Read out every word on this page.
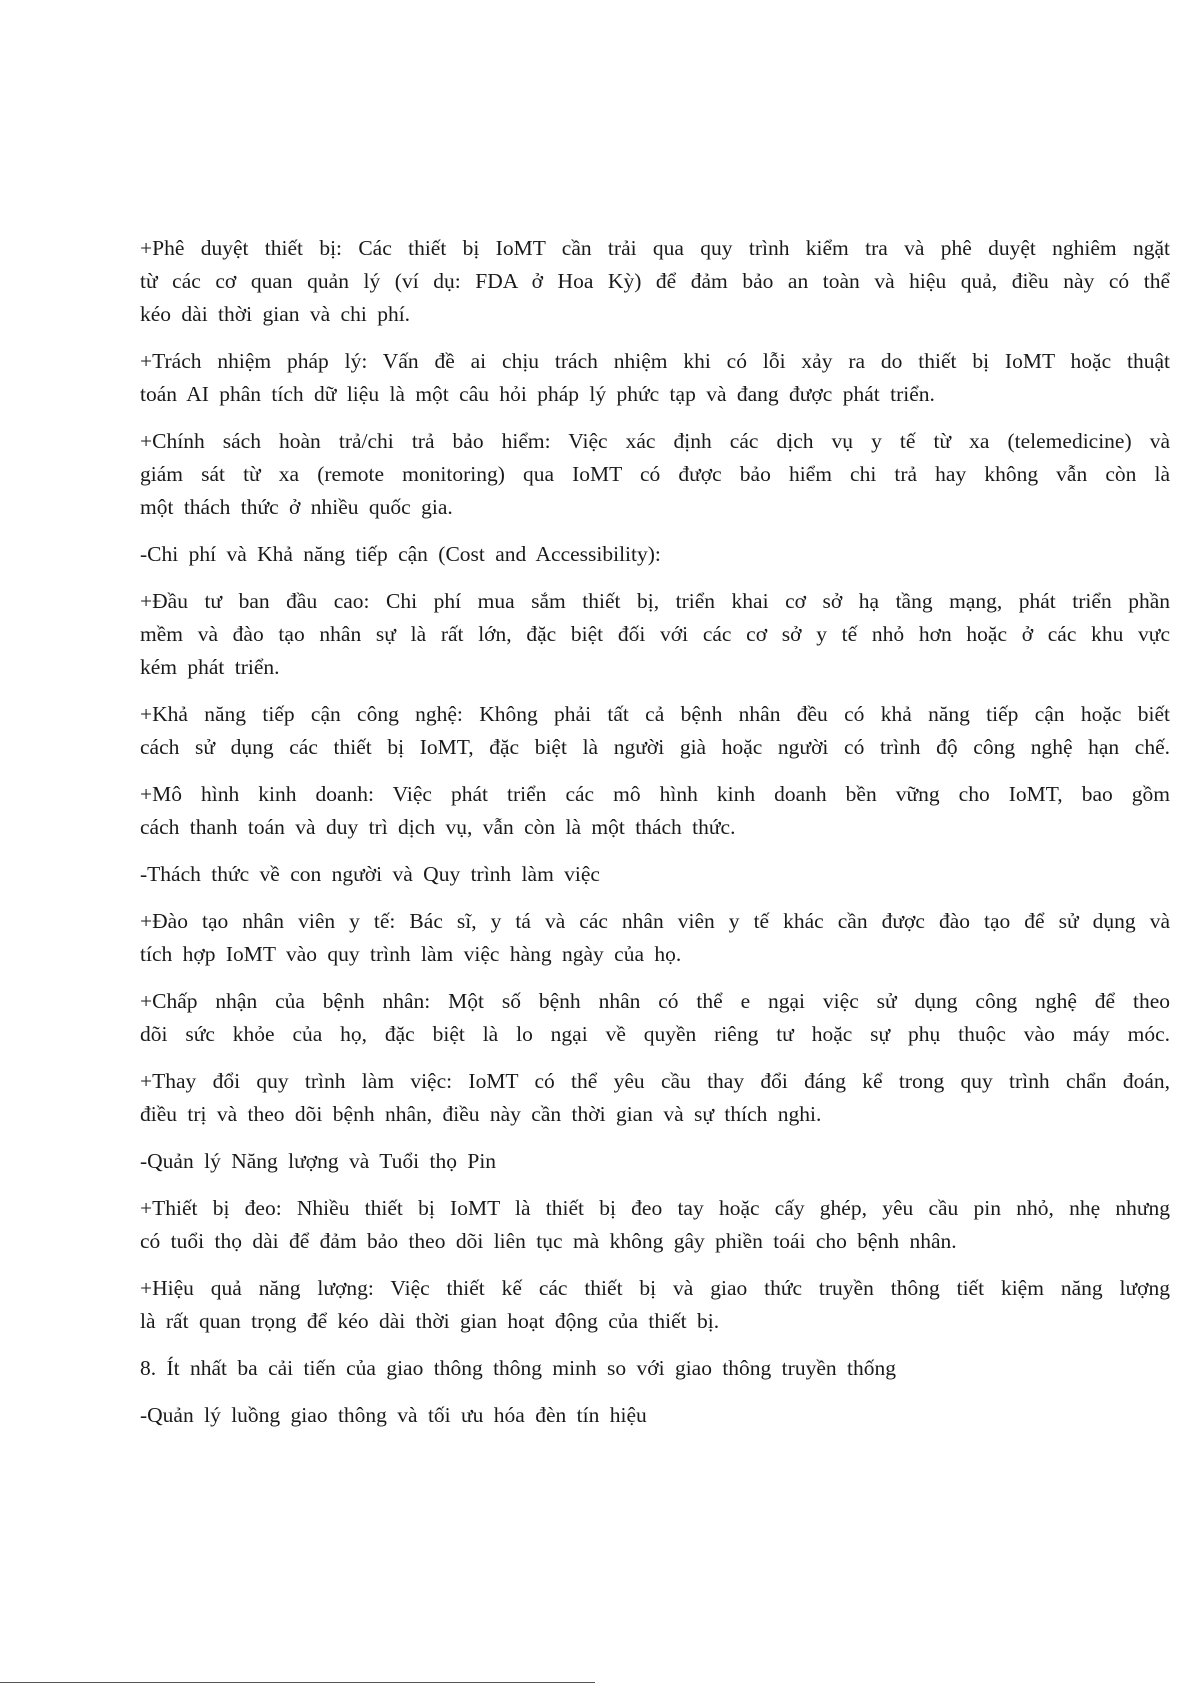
+Phê duyệt thiết bị: Các thiết bị IoMT cần trải qua quy trình kiểm tra và phê duyệt nghiêm ngặt
từ các cơ quan quản lý (ví dụ: FDA ở Hoa Kỳ) để đảm bảo an toàn và hiệu quả, điều này có thể
kéo dài thời gian và chi phí.

+Trách nhiệm pháp lý: Vấn đề ai chịu trách nhiệm khi có lỗi xảy ra do thiết bị IoMT hoặc thuật
toán AI phân tích dữ liệu là một câu hỏi pháp lý phức tạp và đang được phát triển.

+Chính sách hoàn trả/chi trả bảo hiểm: Việc xác định các dịch vụ y tế từ xa (telemedicine) và
giám sát từ xa (remote monitoring) qua IoMT có được bảo hiểm chi trả hay không vẫn còn là
một thách thức ở nhiều quốc gia.

-Chi phí và Khả năng tiếp cận (Cost and Accessibility):

+Đầu tư ban đầu cao: Chi phí mua sắm thiết bị, triển khai cơ sở hạ tầng mạng, phát triển phần
mềm và đào tạo nhân sự là rất lớn, đặc biệt đối với các cơ sở y tế nhỏ hơn hoặc ở các khu vực
kém phát triển.

+Khả năng tiếp cận công nghệ: Không phải tất cả bệnh nhân đều có khả năng tiếp cận hoặc biết
cách sử dụng các thiết bị IoMT, đặc biệt là người già hoặc người có trình độ công nghệ hạn chế.

+Mô hình kinh doanh: Việc phát triển các mô hình kinh doanh bền vững cho IoMT, bao gồm
cách thanh toán và duy trì dịch vụ, vẫn còn là một thách thức.

-Thách thức về con người và Quy trình làm việc

+Đào tạo nhân viên y tế: Bác sĩ, y tá và các nhân viên y tế khác cần được đào tạo để sử dụng và
tích hợp IoMT vào quy trình làm việc hàng ngày của họ.

+Chấp nhận của bệnh nhân: Một số bệnh nhân có thể e ngại việc sử dụng công nghệ để theo
dõi sức khỏe của họ, đặc biệt là lo ngại về quyền riêng tư hoặc sự phụ thuộc vào máy móc.

+Thay đổi quy trình làm việc: IoMT có thể yêu cầu thay đổi đáng kể trong quy trình chẩn đoán,
điều trị và theo dõi bệnh nhân, điều này cần thời gian và sự thích nghi.

-Quản lý Năng lượng và Tuổi thọ Pin

+Thiết bị đeo: Nhiều thiết bị IoMT là thiết bị đeo tay hoặc cấy ghép, yêu cầu pin nhỏ, nhẹ nhưng
có tuổi thọ dài để đảm bảo theo dõi liên tục mà không gây phiền toái cho bệnh nhân.

+Hiệu quả năng lượng: Việc thiết kế các thiết bị và giao thức truyền thông tiết kiệm năng lượng
là rất quan trọng để kéo dài thời gian hoạt động của thiết bị.

8. Ít nhất ba cải tiến của giao thông thông minh so với giao thông truyền thống

-Quản lý luồng giao thông và tối ưu hóa đèn tín hiệu
